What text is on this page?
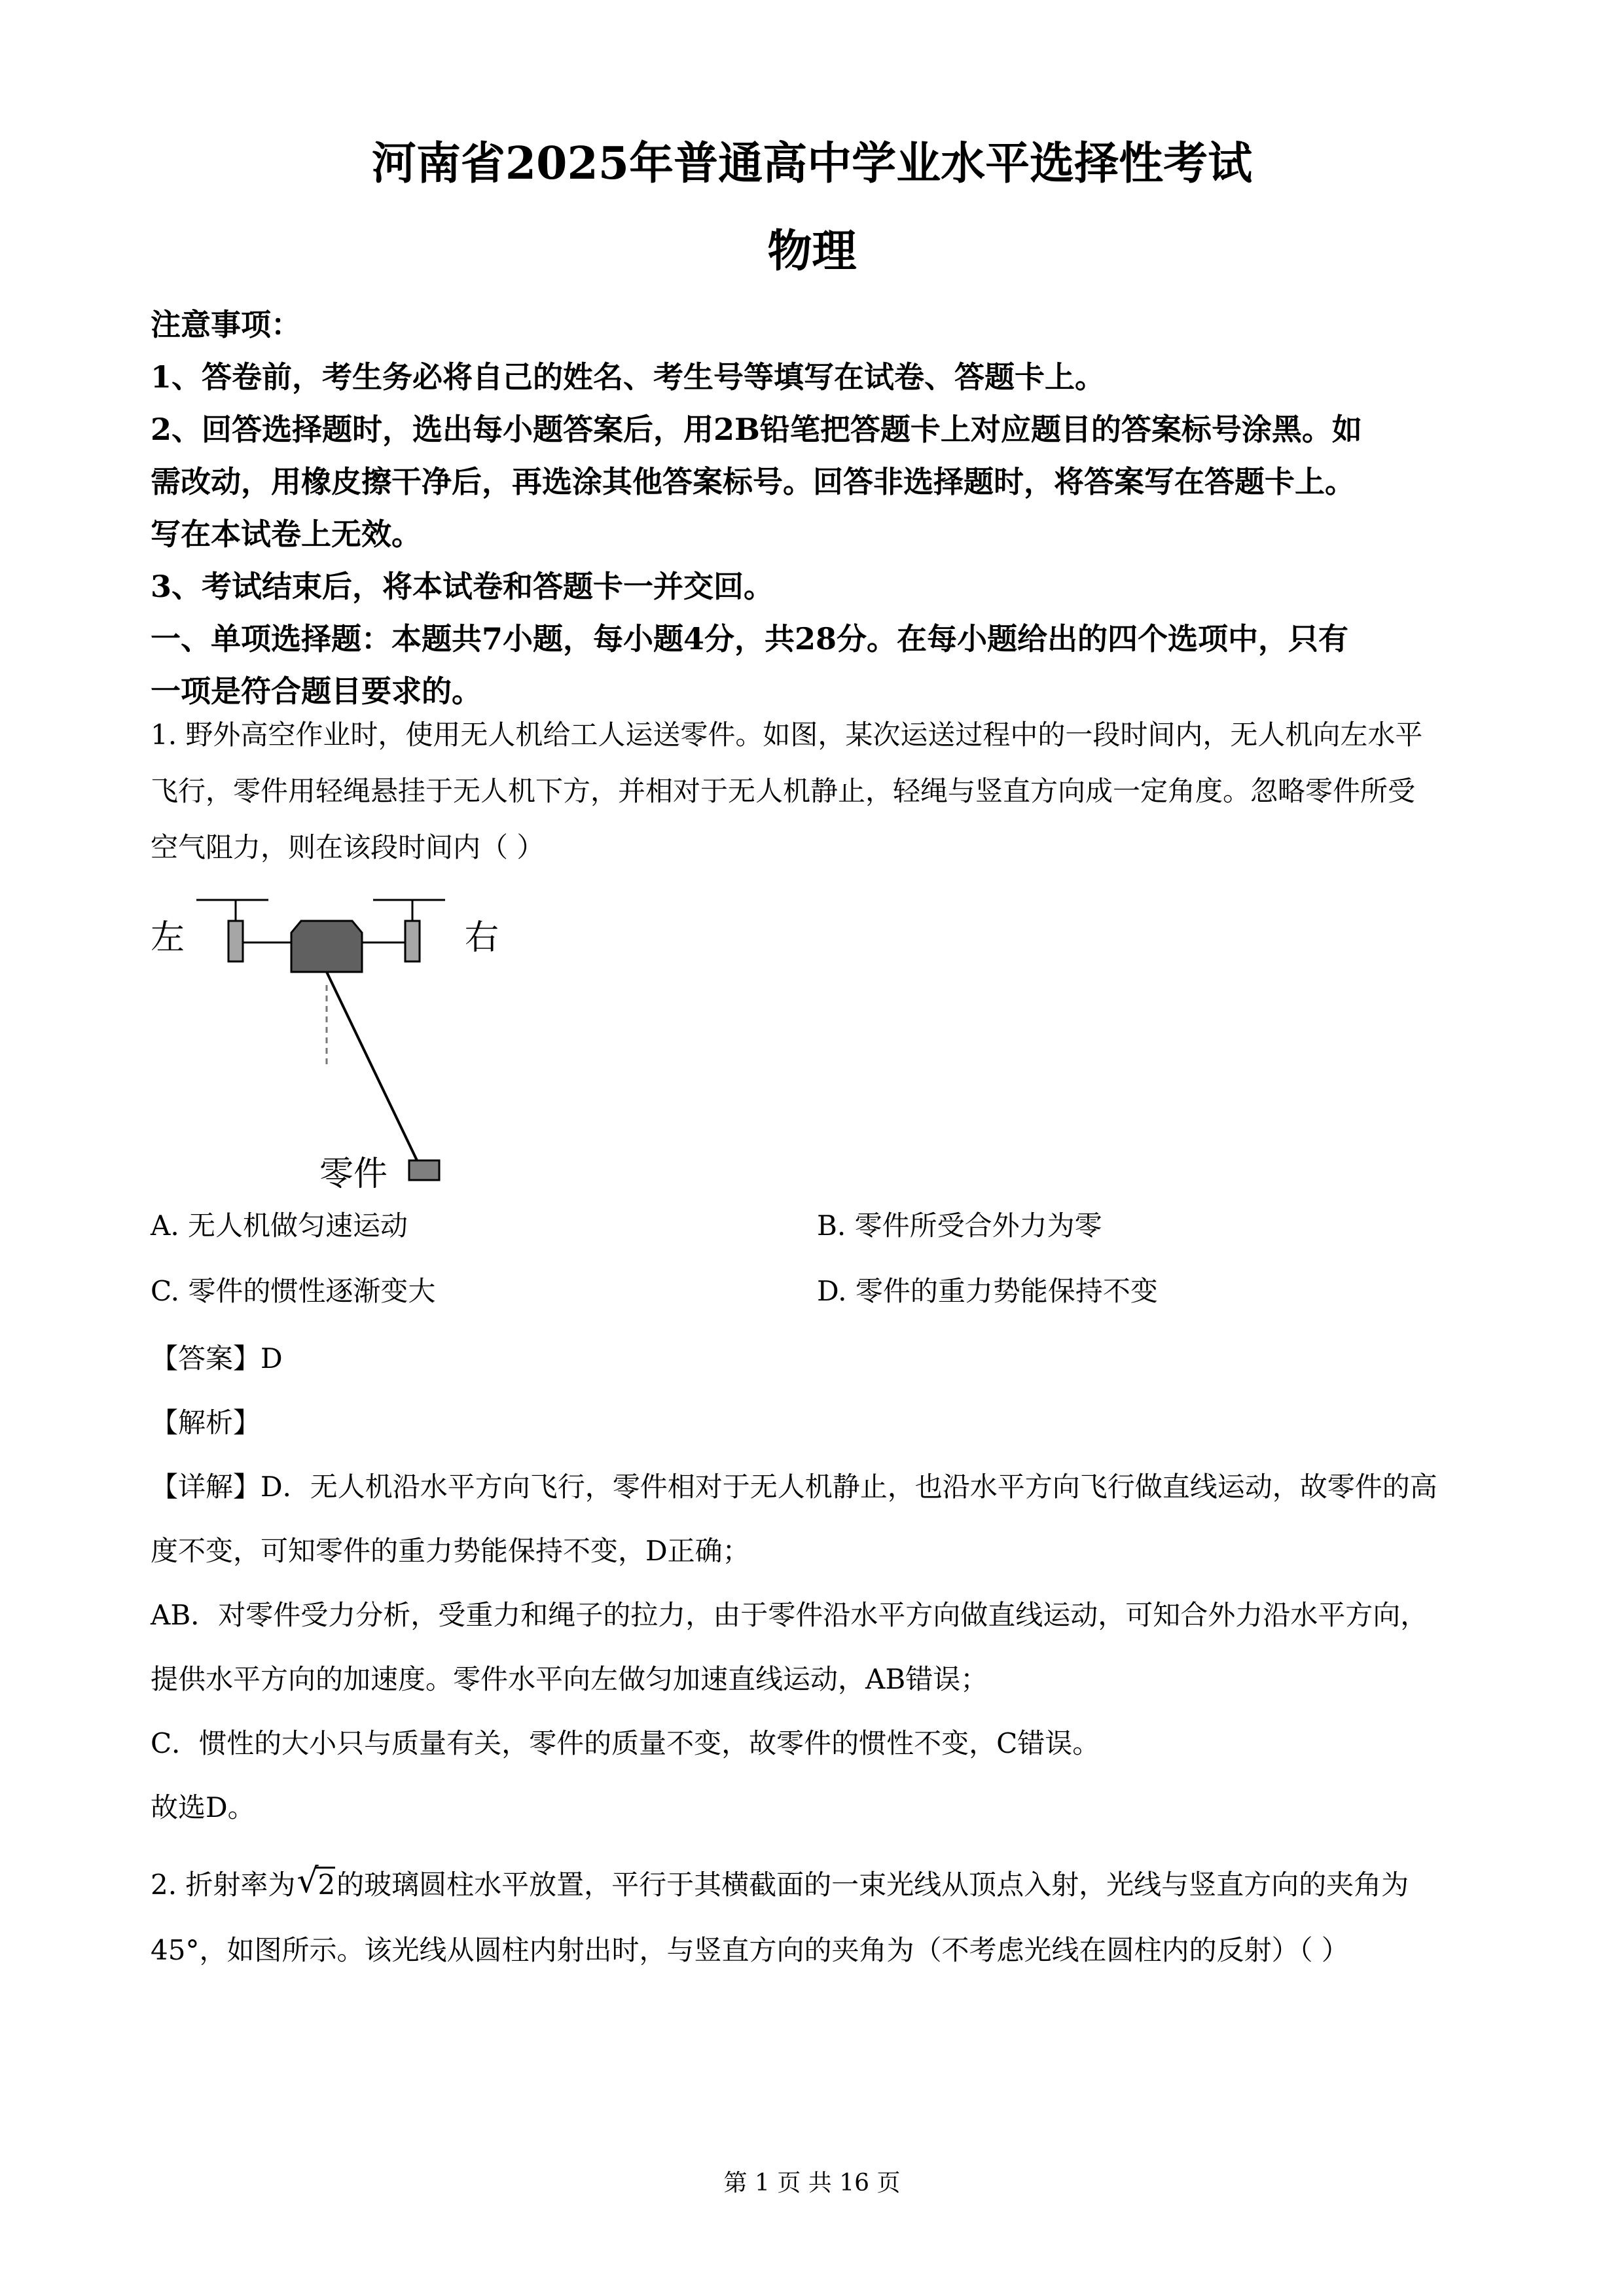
河南省2025年普通高中学业水平选择性考试
物理

注意事项：

1、答卷前，考生务必将自己的姓名、考生号等填写在试卷、答题卡上。

2、回答选择题时，选出每小题答案后，用2B铅笔把答题卡上对应题目的答案标号涂黑。如

需改动，用橡皮擦干净后，再选涂其他答案标号。回答非选择题时，将答案写在答题卡上。

写在本试卷上无效。

3、考试结束后，将本试卷和答题卡一并交回。

一、单项选择题：本题共7小题，每小题4分，共28分。在每小题给出的四个选项中，只有

一项是符合题目要求的。

1. 野外高空作业时，使用无人机给工人运送零件。如图，某次运送过程中的一段时间内，无人机向左水平

飞行，零件用轻绳悬挂于无人机下方，并相对于无人机静止，轻绳与竖直方向成一定角度。忽略零件所受

空气阻力，则在该段时间内（ ）

左	右
零件
A. 无人机做匀速运动	B. 零件所受合外力为零
C. 零件的惯性逐渐变大	D. 零件的重力势能保持不变

【答案】D

【解析】

【详解】D．无人机沿水平方向飞行，零件相对于无人机静止，也沿水平方向飞行做直线运动，故零件的高

度不变，可知零件的重力势能保持不变，D正确；

AB．对零件受力分析，受重力和绳子的拉力，由于零件沿水平方向做直线运动，可知合外力沿水平方向，

提供水平方向的加速度。零件水平向左做匀加速直线运动，AB错误；

C．惯性的大小只与质量有关，零件的质量不变，故零件的惯性不变，C错误。

故选D。

2. 折射率为 √
2的玻璃圆柱水平放置，平行于其横截面的一束光线从顶点入射，光线与竖直方向的夹角为

45°，如图所示。该光线从圆柱内射出时，与竖直方向的夹角为（不考虑光线在圆柱内的反射）（ ）

第 1 页 共 16 页
